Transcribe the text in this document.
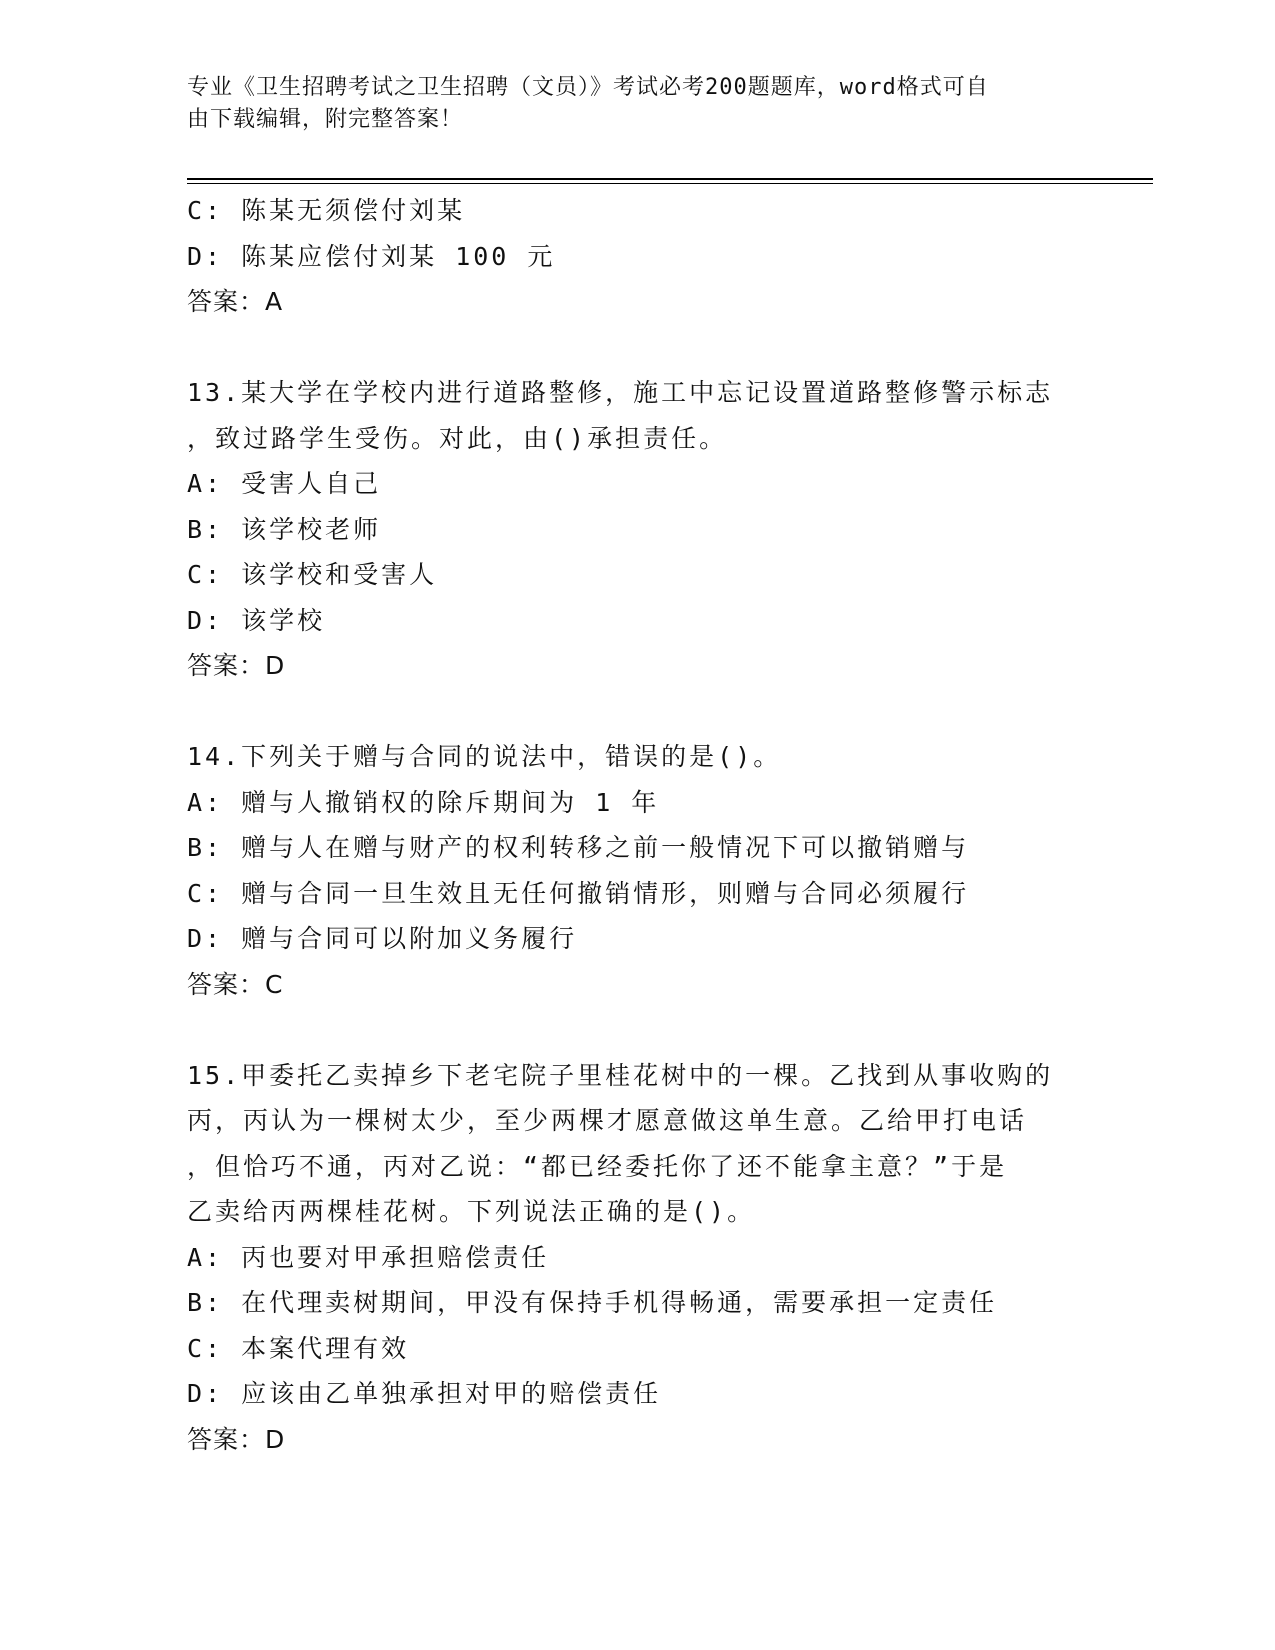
专业《卫生招聘考试之卫生招聘（文员）》考试必考200题题库，word格式可自
由下载编辑，附完整答案！
C: 陈某无须偿付刘某
D: 陈某应偿付刘某 100 元
答案：A
13.某大学在学校内进行道路整修，施工中忘记设置道路整修警示标志
，致过路学生受伤。对此，由()承担责任。
A: 受害人自己
B: 该学校老师
C: 该学校和受害人
D: 该学校
答案：D
14.下列关于赠与合同的说法中，错误的是()。
A: 赠与人撤销权的除斥期间为 1 年
B: 赠与人在赠与财产的权利转移之前一般情况下可以撤销赠与
C: 赠与合同一旦生效且无任何撤销情形，则赠与合同必须履行
D: 赠与合同可以附加义务履行
答案：C
15.甲委托乙卖掉乡下老宅院子里桂花树中的一棵。乙找到从事收购的
丙，丙认为一棵树太少，至少两棵才愿意做这单生意。乙给甲打电话
，但恰巧不通，丙对乙说：“都已经委托你了还不能拿主意？”于是
乙卖给丙两棵桂花树。下列说法正确的是()。
A: 丙也要对甲承担赔偿责任
B: 在代理卖树期间，甲没有保持手机得畅通，需要承担一定责任
C: 本案代理有效
D: 应该由乙单独承担对甲的赔偿责任
答案：D
